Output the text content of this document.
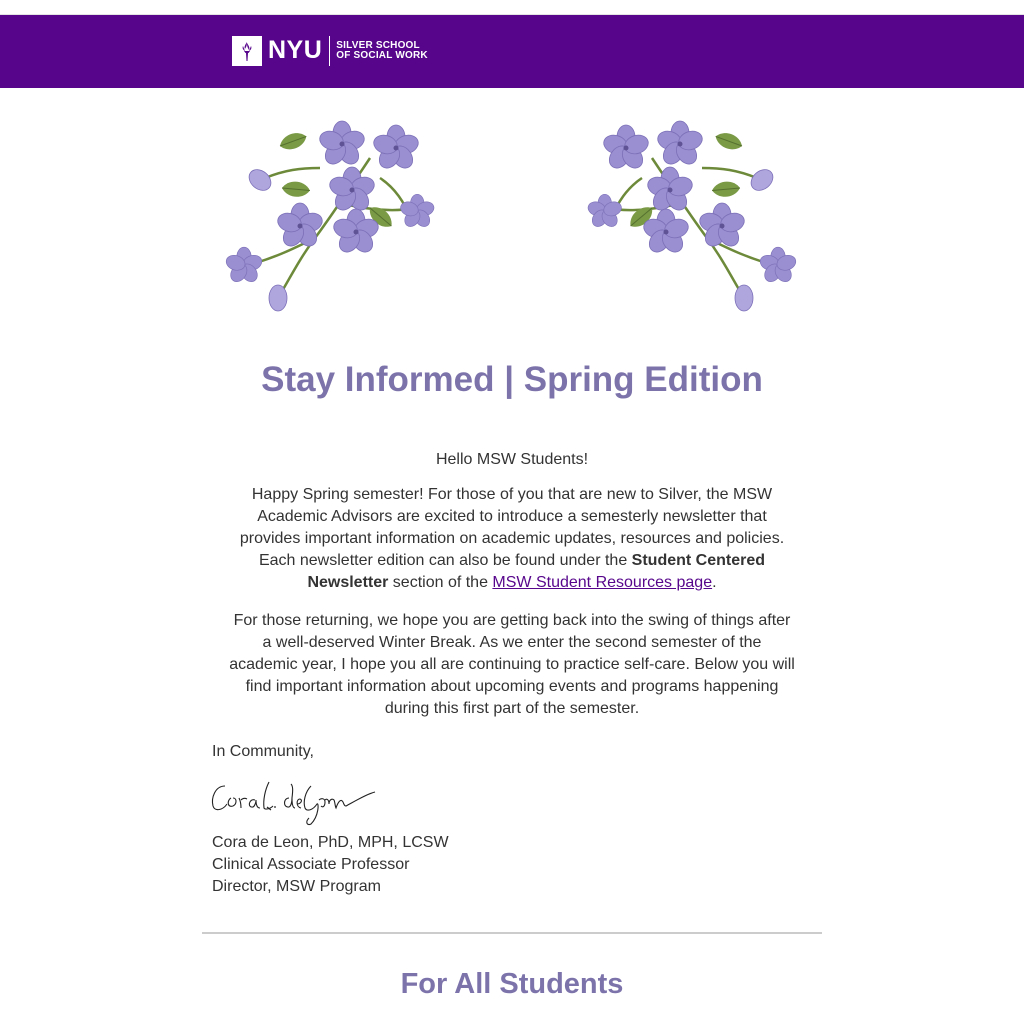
NYU SILVER SCHOOL
OF SOCIAL WORK
Stay Informed | Spring Edition
Hello MSW Students!

Happy Spring semester! For those of you that are new to Silver, the MSW Academic Advisors are excited to introduce a semesterly newsletter that provides important information on academic updates, resources and policies. Each newsletter edition can also be found under the Student Centered Newsletter section of the MSW Student Resources page.

For those returning, we hope you are getting back into the swing of things after a well-deserved Winter Break. As we enter the second semester of the academic year, I hope you all are continuing to practice self-care. Below you will find important information about upcoming events and programs happening during this first part of the semester.

In Community,
Cora L. deLeon
Cora de Leon, PhD, MPH, LCSW
Clinical Associate Professor
Director, MSW Program
For All Students
